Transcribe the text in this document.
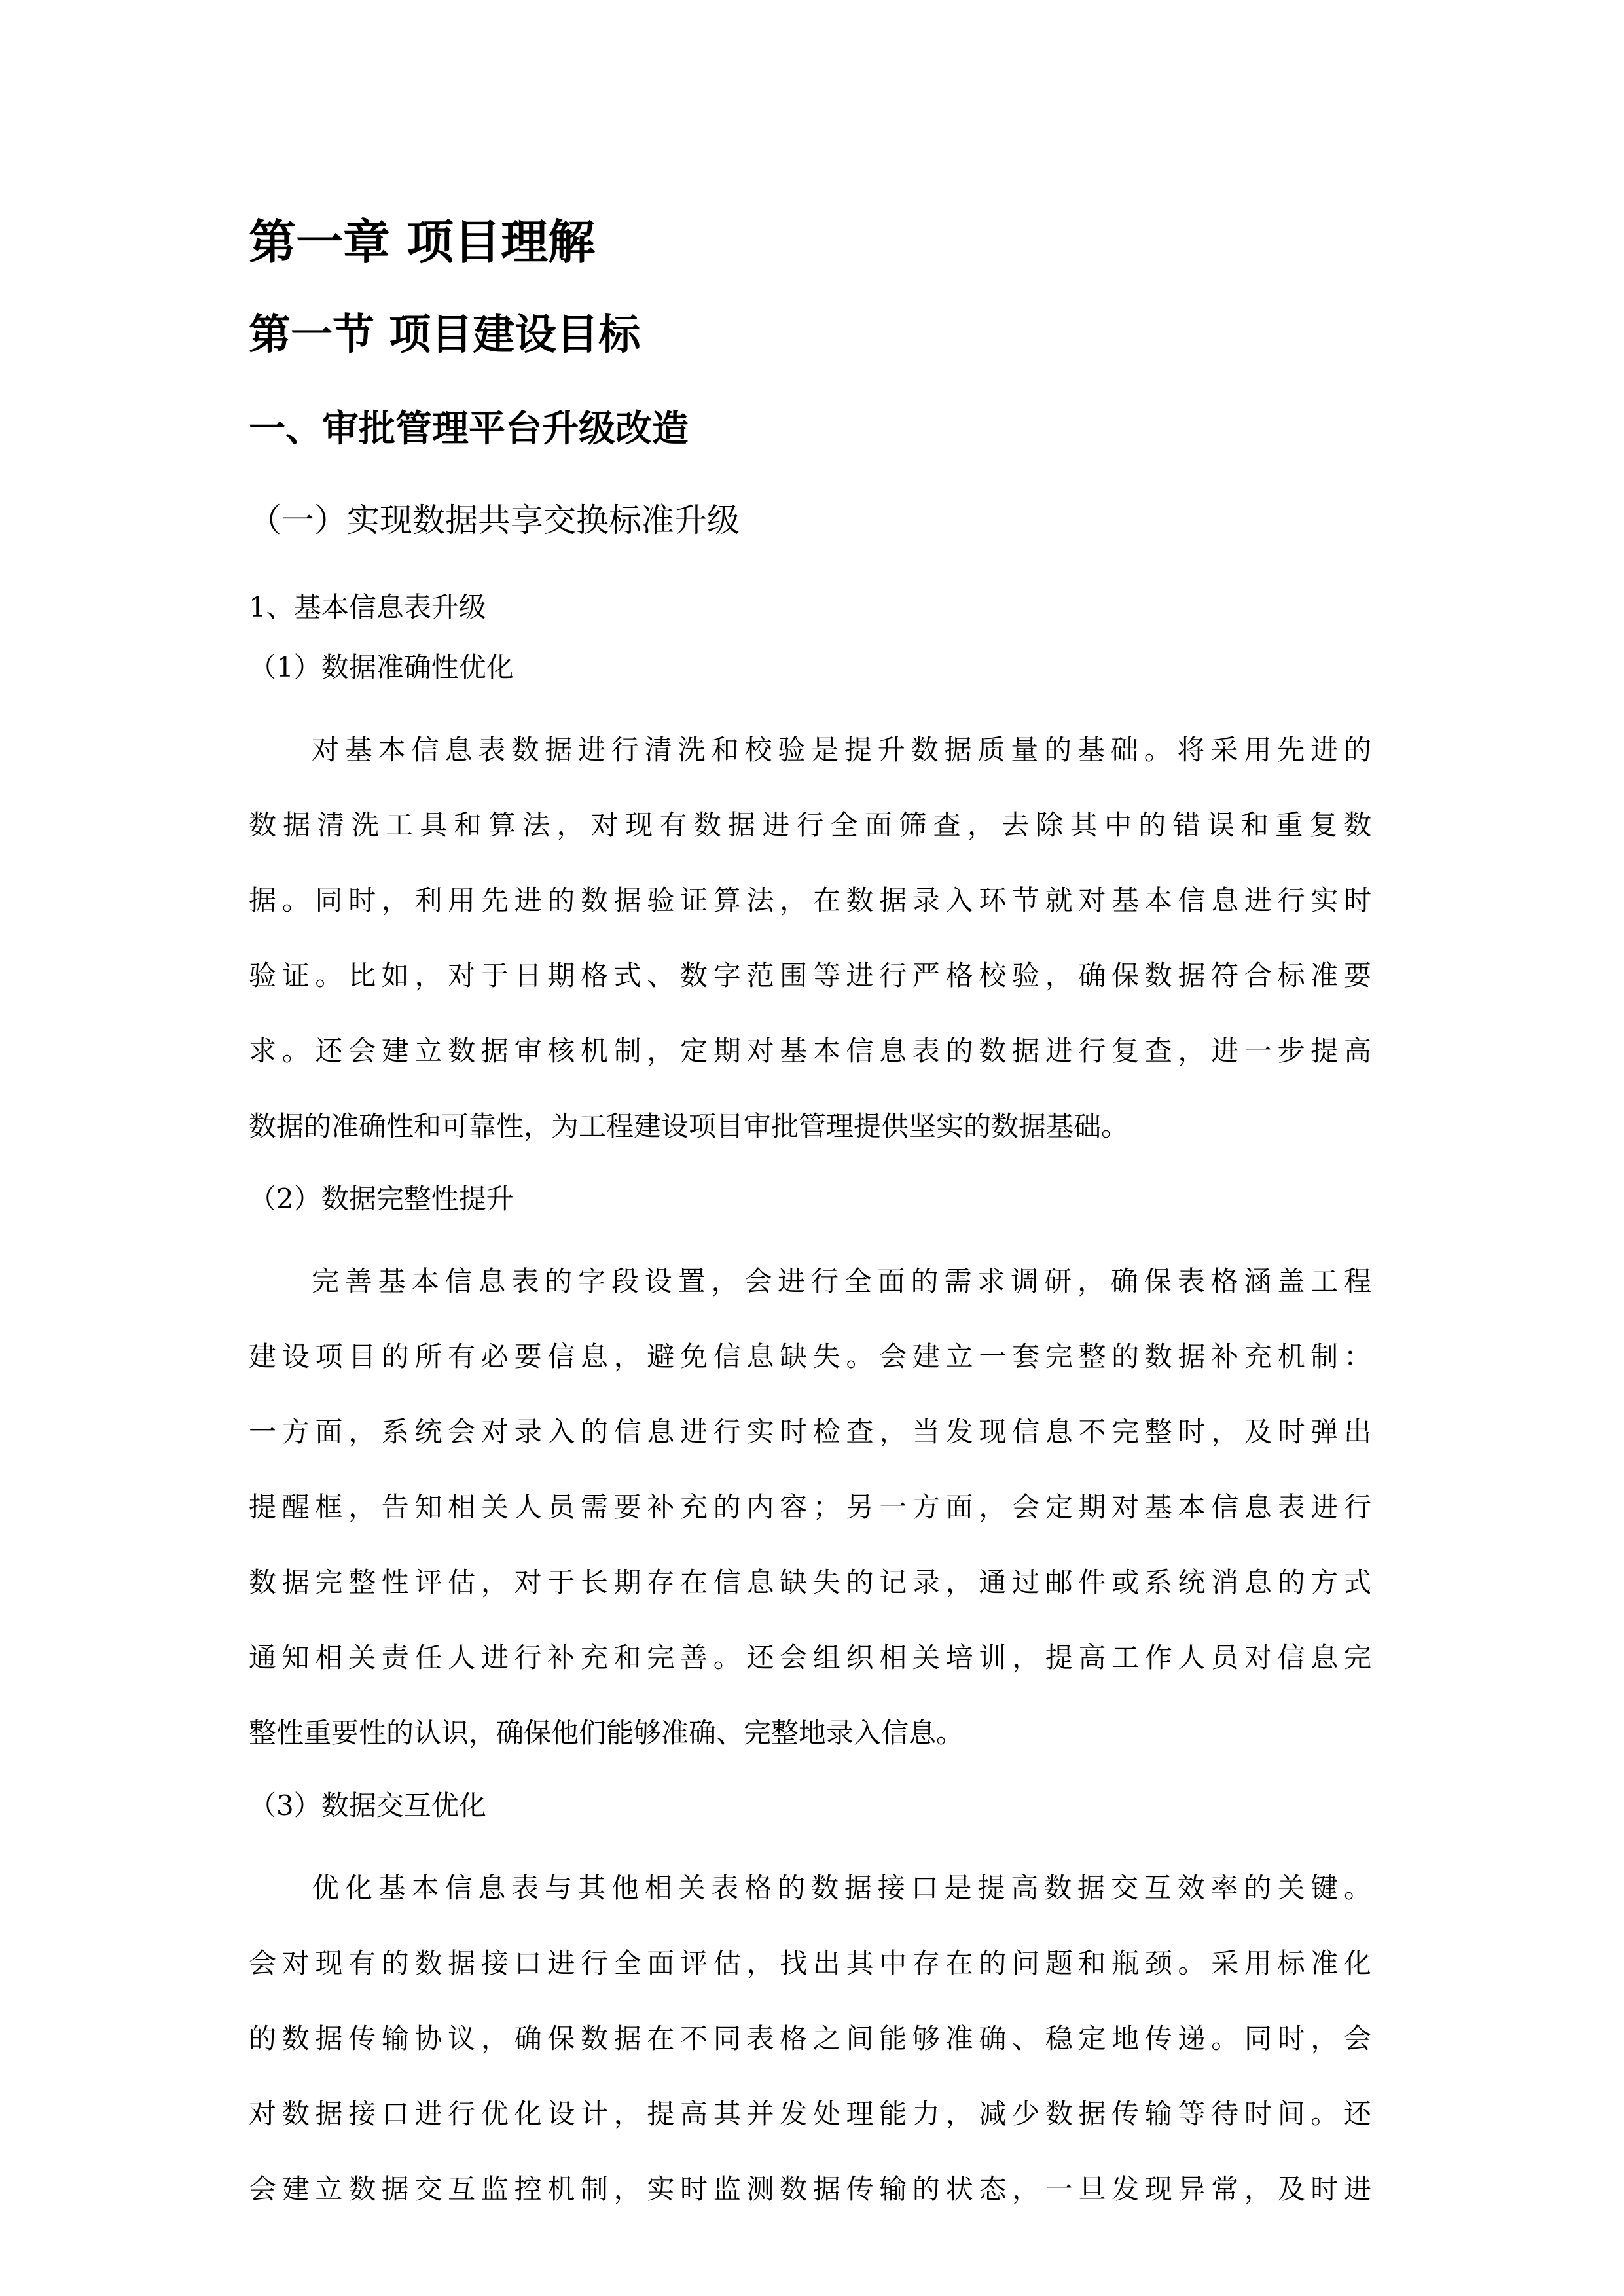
第一章 项目理解
第一节 项目建设目标
一、审批管理平台升级改造
（一）实现数据共享交换标准升级
1、基本信息表升级
（1）数据准确性优化
对基本信息表数据进行清洗和校验是提升数据质量的基础。将采用先进的
数据清洗工具和算法，对现有数据进行全面筛查，去除其中的错误和重复数
据。同时，利用先进的数据验证算法，在数据录入环节就对基本信息进行实时
验证。比如，对于日期格式、数字范围等进行严格校验，确保数据符合标准要
求。还会建立数据审核机制，定期对基本信息表的数据进行复查，进一步提高
数据的准确性和可靠性，为工程建设项目审批管理提供坚实的数据基础。
（2）数据完整性提升
完善基本信息表的字段设置，会进行全面的需求调研，确保表格涵盖工程
建设项目的所有必要信息，避免信息缺失。会建立一套完整的数据补充机制：
一方面，系统会对录入的信息进行实时检查，当发现信息不完整时，及时弹出
提醒框，告知相关人员需要补充的内容；另一方面，会定期对基本信息表进行
数据完整性评估，对于长期存在信息缺失的记录，通过邮件或系统消息的方式
通知相关责任人进行补充和完善。还会组织相关培训，提高工作人员对信息完
整性重要性的认识，确保他们能够准确、完整地录入信息。
（3）数据交互优化
优化基本信息表与其他相关表格的数据接口是提高数据交互效率的关键。
会对现有的数据接口进行全面评估，找出其中存在的问题和瓶颈。采用标准化
的数据传输协议，确保数据在不同表格之间能够准确、稳定地传递。同时，会
对数据接口进行优化设计，提高其并发处理能力，减少数据传输等待时间。还
会建立数据交互监控机制，实时监测数据传输的状态，一旦发现异常，及时进
